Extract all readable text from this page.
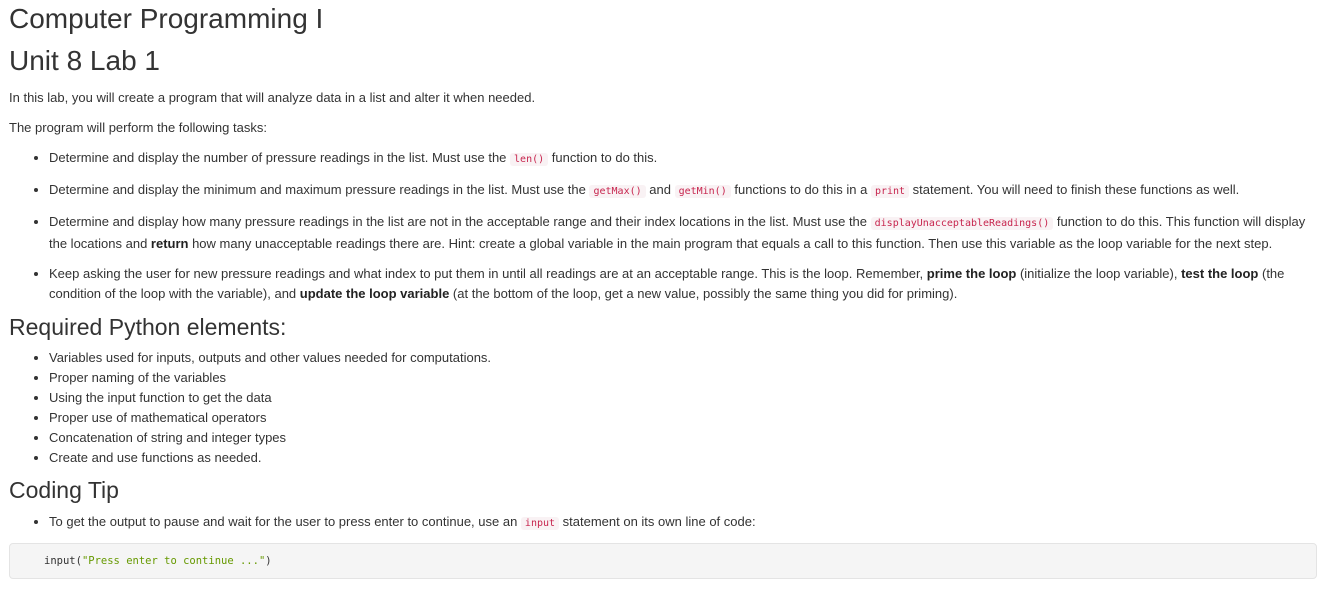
Computer Programming I
Unit 8 Lab 1

In this lab, you will create a program that will analyze data in a list and alter it when needed.

The program will perform the following tasks:

• Determine and display the number of pressure readings in the list. Must use the len() function to do this.
• Determine and display the minimum and maximum pressure readings in the list. Must use the getMax() and getMin() functions to do this in a print statement. You will need to finish these functions as well.
• Determine and display how many pressure readings in the list are not in the acceptable range and their index locations in the list. Must use the displayUnacceptableReadings() function to do this. This function will display the locations and return how many unacceptable readings there are. Hint: create a global variable in the main program that equals a call to this function. Then use this variable as the loop variable for the next step.
• Keep asking the user for new pressure readings and what index to put them in until all readings are at an acceptable range. This is the loop. Remember, prime the loop (initialize the loop variable), test the loop (the condition of the loop with the variable), and update the loop variable (at the bottom of the loop, get a new value, possibly the same thing you did for priming).
Required Python elements:
• Variables used for inputs, outputs and other values needed for computations.
• Proper naming of the variables
• Using the input function to get the data
• Proper use of mathematical operators
• Concatenation of string and integer types
• Create and use functions as needed.
Coding Tip
• To get the output to pause and wait for the user to press enter to continue, use an input statement on its own line of code:
input("Press enter to continue ...")
